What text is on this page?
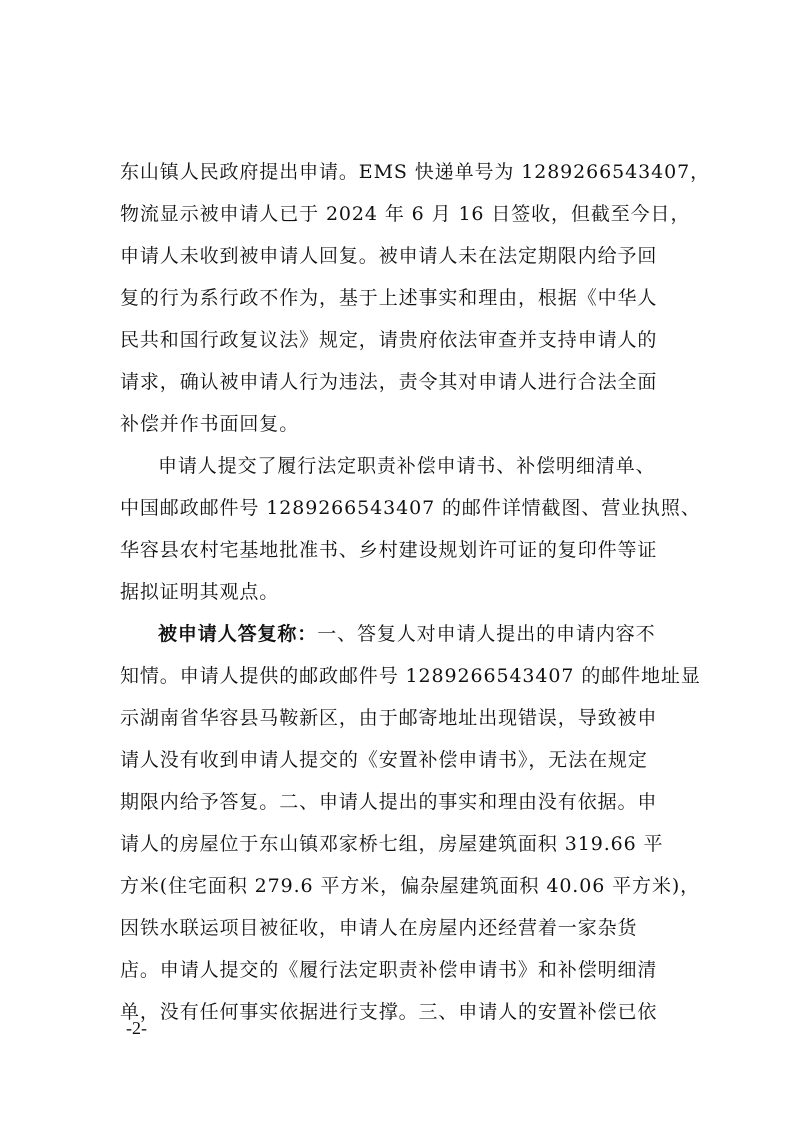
东山镇人民政府提出申请。EMS 快递单号为 1289266543407，
物流显示被申请人已于 2024 年 6 月 16 日签收，但截至今日，
申请人未收到被申请人回复。被申请人未在法定期限内给予回
复的行为系行政不作为，基于上述事实和理由，根据《中华人
民共和国行政复议法》规定，请贵府依法审查并支持申请人的
请求，确认被申请人行为违法，责令其对申请人进行合法全面
补偿并作书面回复。
申请人提交了履行法定职责补偿申请书、补偿明细清单、
中国邮政邮件号 1289266543407 的邮件详情截图、营业执照、
华容县农村宅基地批准书、乡村建设规划许可证的复印件等证
据拟证明其观点。
被申请人答复称：一、答复人对申请人提出的申请内容不
知情。申请人提供的邮政邮件号 1289266543407 的邮件地址显
示湖南省华容县马鞍新区，由于邮寄地址出现错误，导致被申
请人没有收到申请人提交的《安置补偿申请书》，无法在规定
期限内给予答复。二、申请人提出的事实和理由没有依据。申
请人的房屋位于东山镇邓家桥七组，房屋建筑面积 319.66 平
方米(住宅面积 279.6 平方米，偏杂屋建筑面积 40.06 平方米)，
因铁水联运项目被征收，申请人在房屋内还经营着一家杂货
店。申请人提交的《履行法定职责补偿申请书》和补偿明细清
单，没有任何事实依据进行支撑。三、申请人的安置补偿已依
-2-
